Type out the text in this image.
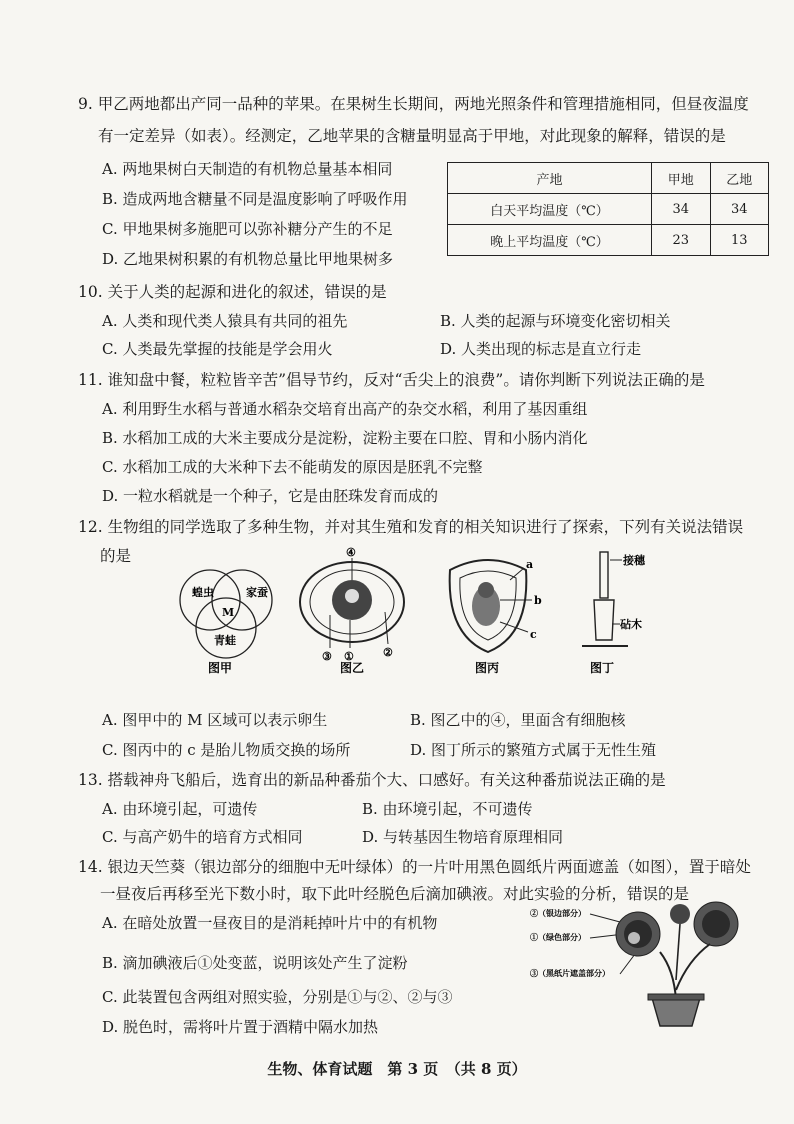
9. 甲乙两地都出产同一品种的苹果。在果树生长期间，两地光照条件和管理措施相同，但昼夜温度
有一定差异（如表）。经测定，乙地苹果的含糖量明显高于甲地，对此现象的解释，错误的是
A. 两地果树白天制造的有机物总量基本相同
B. 造成两地含糖量不同是温度影响了呼吸作用
C. 甲地果树多施肥可以弥补糖分产生的不足
D. 乙地果树积累的有机物总量比甲地果树多
产地	甲地	乙地
白天平均温度（℃）	34	34
晚上平均温度（℃）	23	13
10. 关于人类的起源和进化的叙述，错误的是
A. 人类和现代类人猿具有共同的祖先	B. 人类的起源与环境变化密切相关
C. 人类最先掌握的技能是学会用火	D. 人类出现的标志是直立行走
11. 谁知盘中餐，粒粒皆辛苦”倡导节约，反对“舌尖上的浪费”。请你判断下列说法正确的是
A. 利用野生水稻与普通水稻杂交培育出高产的杂交水稻，利用了基因重组
B. 水稻加工成的大米主要成分是淀粉，淀粉主要在口腔、胃和小肠内消化
C. 水稻加工成的大米种下去不能萌发的原因是胚乳不完整
D. 一粒水稻就是一个种子，它是由胚珠发育而成的
12. 生物组的同学选取了多种生物，并对其生殖和发育的相关知识进行了探索，下列有关说法错误
的是
蝗虫	家蚕
M
青蛙
图甲
④
③ ①	②
图乙
a
b
c
图丙
接穗
砧木
图丁
A. 图甲中的 M 区域可以表示卵生	B. 图乙中的④，里面含有细胞核
C. 图丙中的 c 是胎儿物质交换的场所	D. 图丁所示的繁殖方式属于无性生殖
13. 搭载神舟飞船后，选育出的新品种番茄个大、口感好。有关这种番茄说法正确的是
A. 由环境引起，可遗传	B. 由环境引起，不可遗传
C. 与高产奶牛的培育方式相同	D. 与转基因生物培育原理相同
14. 银边天竺葵（银边部分的细胞中无叶绿体）的一片叶用黑色圆纸片两面遮盖（如图），置于暗处
一昼夜后再移至光下数小时，取下此叶经脱色后滴加碘液。对此实验的分析，错误的是
A. 在暗处放置一昼夜目的是消耗掉叶片中的有机物
B. 滴加碘液后①处变蓝，说明该处产生了淀粉
C. 此装置包含两组对照实验，分别是①与②、②与③
D. 脱色时，需将叶片置于酒精中隔水加热
②（银边部分）
①（绿色部分）
③（黑纸片遮盖部分）
生物、体育试题　第 3 页　（共 8 页）
